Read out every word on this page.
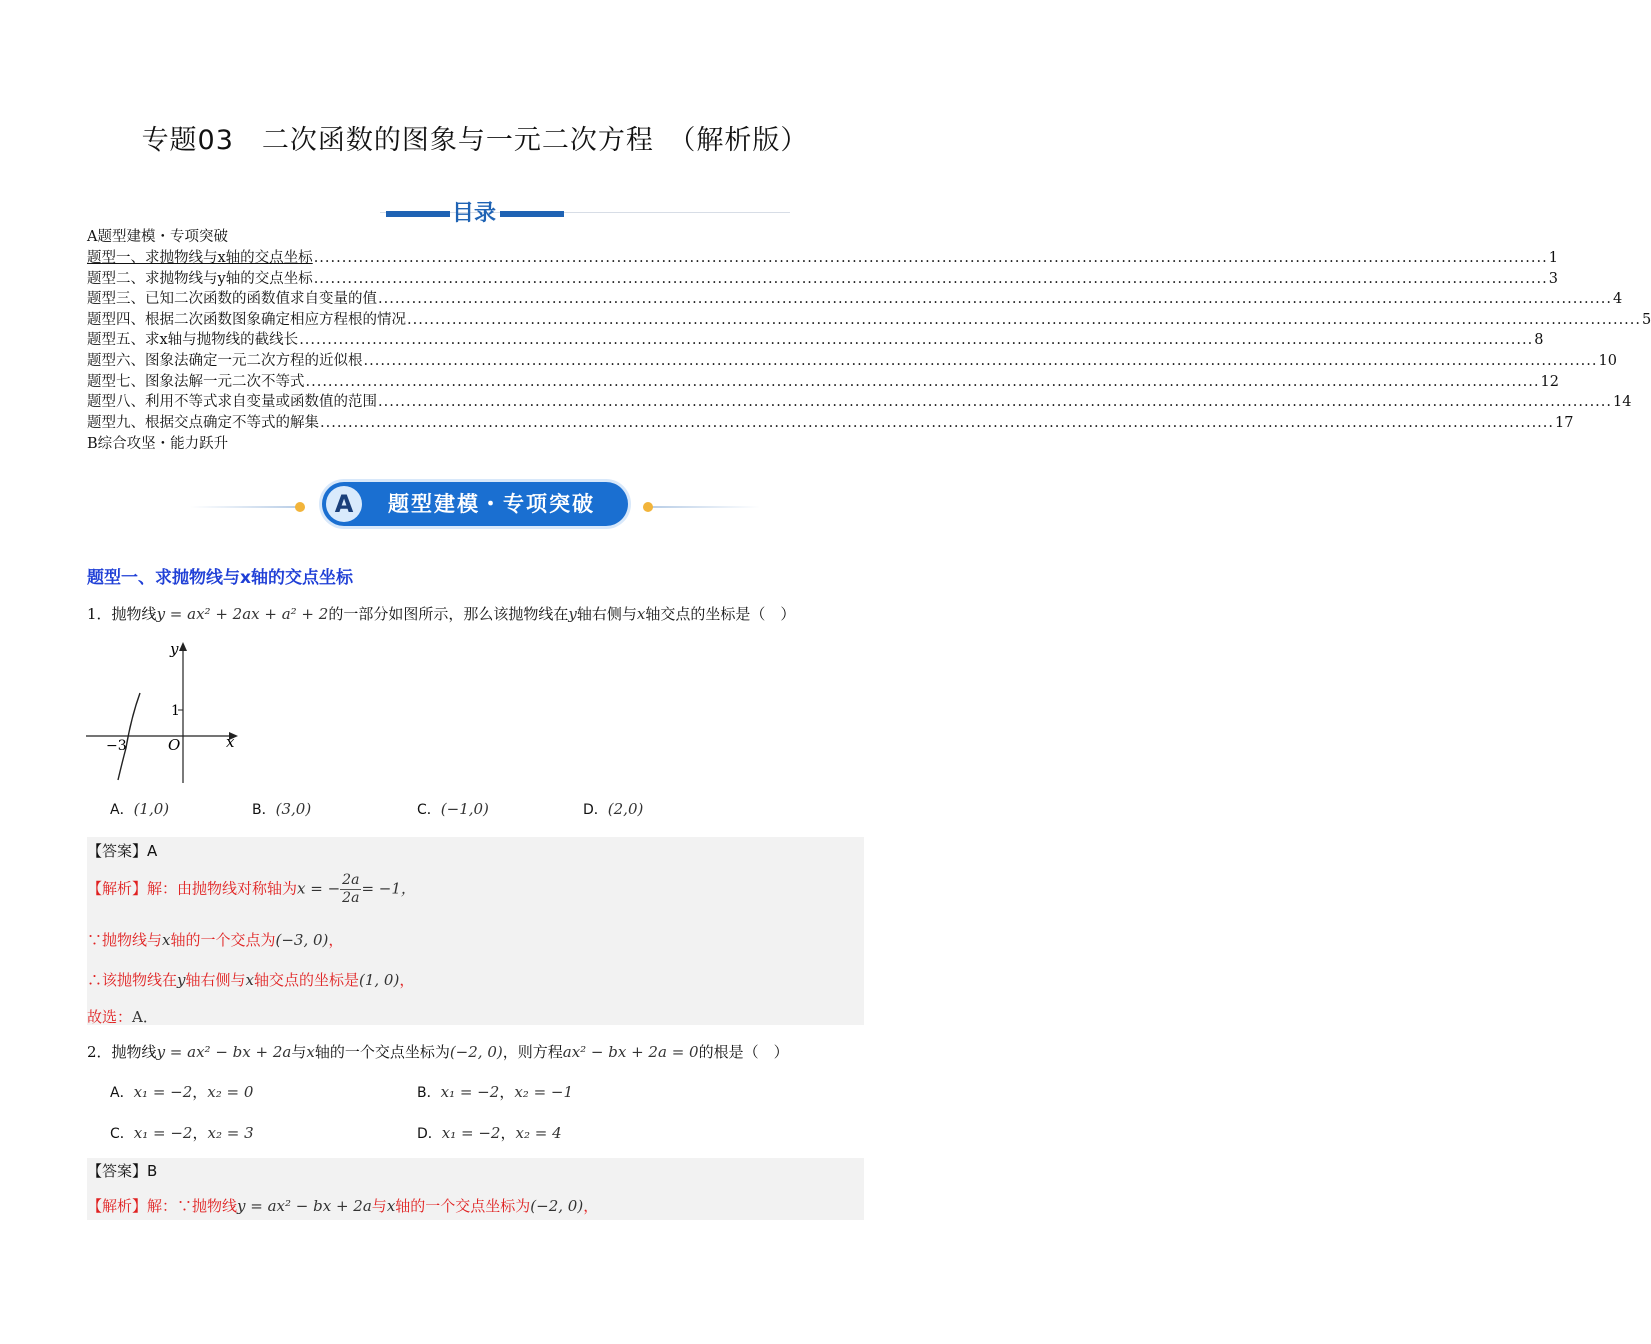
专题03　二次函数的图象与一元二次方程　（解析版）
目录
A题型建模・专项突破
题型一、求抛物线与x轴的交点坐标 ............................................................................................................................................................................................................................ 1
题型二、求抛物线与y轴的交点坐标 ............................................................................................................................................................................................................................ 3
题型三、已知二次函数的函数值求自变量的值 ............................................................................................................................................................................................................................ 4
题型四、根据二次函数图象确定相应方程根的情况 ............................................................................................................................................................................................................................ 5
题型五、求x轴与抛物线的截线长 ............................................................................................................................................................................................................................ 8
题型六、图象法确定一元二次方程的近似根 ............................................................................................................................................................................................................................ 10
题型七、图象法解一元二次不等式 ............................................................................................................................................................................................................................ 12
题型八、利用不等式求自变量或函数值的范围 ............................................................................................................................................................................................................................ 14
题型九、根据交点确定不等式的解集 ............................................................................................................................................................................................................................ 17
B综合攻坚・能力跃升
A	题型建模・专项突破
题型一、求抛物线与x轴的交点坐标
1．抛物线y = ax² + 2ax + a² + 2的一部分如图所示，那么该抛物线在y轴右侧与x轴交点的坐标是（　）
y
x
O
1
−3
A．(1,0)	B．(3,0)	C．(−1,0)	D．(2,0)
【答案】A
【解析】解：由抛物线对称轴为x = − $\frac{2a}{2a} = -1$，
∵抛物线与x轴的一个交点为(−3, 0)，
∴该抛物线在y轴右侧与x轴交点的坐标是(1, 0)，
故选：A．
2．抛物线y = ax² − bx + 2a与x轴的一个交点坐标为(−2, 0)，则方程ax² − bx + 2a = 0的根是（　）
A．x₁ = −2，x₂ = 0	B．x₁ = −2，x₂ = −1
C．x₁ = −2，x₂ = 3	D．x₁ = −2，x₂ = 4
【答案】B
【解析】解：∵抛物线y = ax² − bx + 2a与x轴的一个交点坐标为(−2, 0)，
